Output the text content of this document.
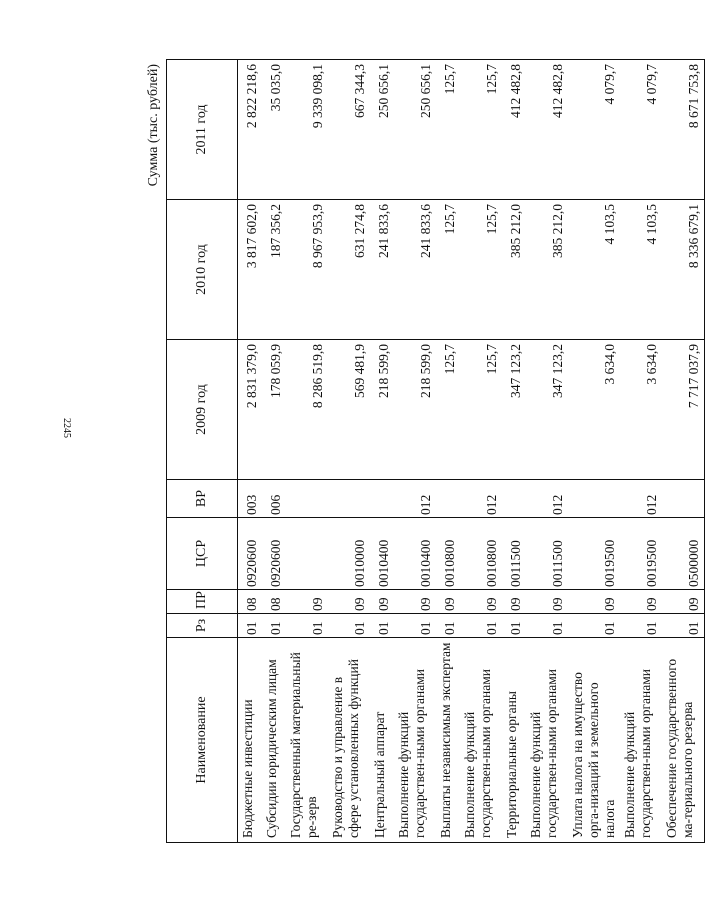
2245
Сумма (тыс. рублей)
Наименование	Рз	ПР	ЦСР	ВР	2009 год	2010 год	2011 год
Бюджетные инвестиции	01	08	0920600	003	2 831 379,0	3 817 602,0	2 822 218,6
Субсидии юридическим лицам	01	08	0920600	006	178 059,9	187 356,2	35 035,0
Государственный материальный ре-зерв	01	09			8 286 519,8	8 967 953,9	9 339 098,1
Руководство и управление в сфере установленных функций	01	09	0010000		569 481,9	631 274,8	667 344,3
Центральный аппарат	01	09	0010400		218 599,0	241 833,6	250 656,1
Выполнение функций государствен-ными органами	01	09	0010400	012	218 599,0	241 833,6	250 656,1
Выплаты независимым экспертам	01	09	0010800		125,7	125,7	125,7
Выполнение функций государствен-ными органами	01	09	0010800	012	125,7	125,7	125,7
Территориальные органы	01	09	0011500		347 123,2	385 212,0	412 482,8
Выполнение функций государствен-ными органами	01	09	0011500	012	347 123,2	385 212,0	412 482,8
Уплата налога на имущество орга-низаций и земельного налога	01	09	0019500		3 634,0	4 103,5	4 079,7
Выполнение функций государствен-ными органами	01	09	0019500	012	3 634,0	4 103,5	4 079,7
Обеспечение государственного ма-териального резерва	01	09	0500000		7 717 037,9	8 336 679,1	8 671 753,8
